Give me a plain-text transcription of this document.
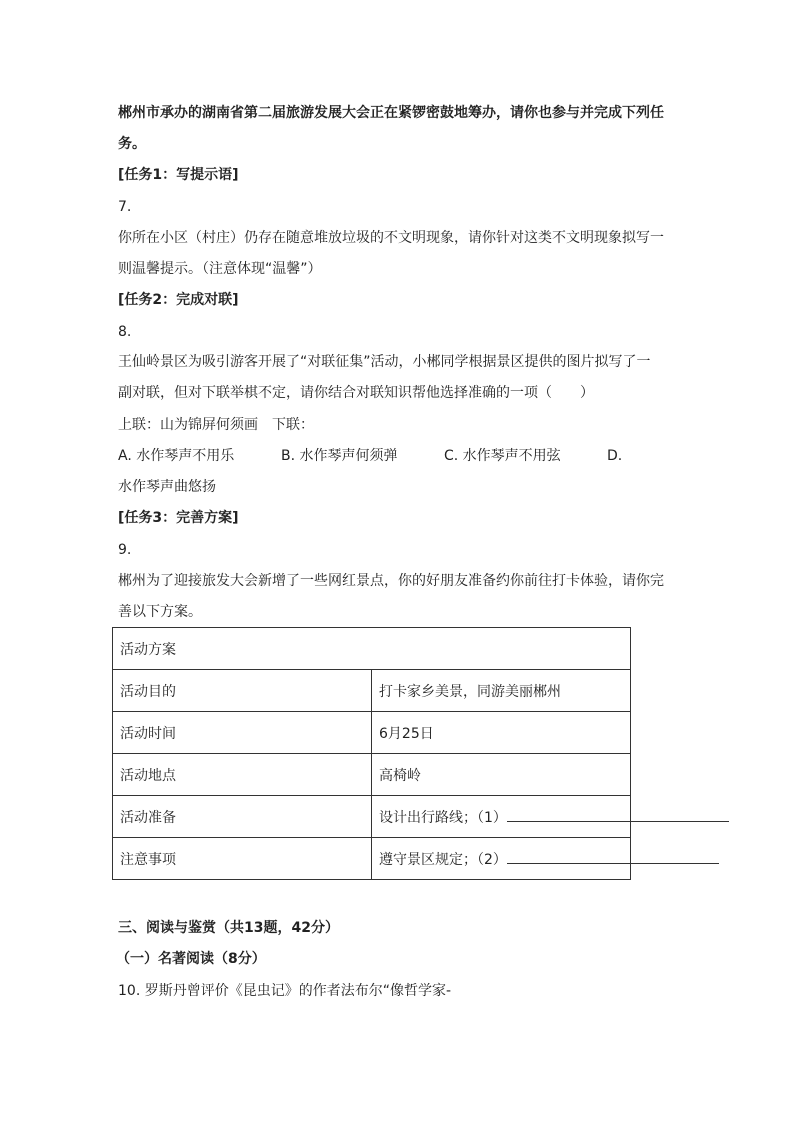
郴州市承办的湖南省第二届旅游发展大会正在紧锣密鼓地筹办，请你也参与并完成下列任
务。
[任务1：写提示语]
7.
你所在小区（村庄）仍存在随意堆放垃圾的不文明现象，请你针对这类不文明现象拟写一
则温馨提示。（注意体现“温馨”）
[任务2：完成对联]
8.
王仙岭景区为吸引游客开展了“对联征集”活动，小郴同学根据景区提供的图片拟写了一
副对联，但对下联举棋不定，请你结合对联知识帮他选择准确的一项（　　）
上联：山为锦屏何须画　下联：
A. 水作琴声不用乐	B. 水作琴声何须弹	C. 水作琴声不用弦	D.
水作琴声曲悠扬
[任务3：完善方案]
9.
郴州为了迎接旅发大会新增了一些网红景点，你的好朋友准备约你前往打卡体验，请你完
善以下方案。
活动方案	
活动目的	打卡家乡美景，同游美丽郴州
活动时间	6月25日
活动地点	高椅岭
活动准备	设计出行路线；（1）
注意事项	遵守景区规定；（2）
三、阅读与鉴赏（共13题，42分）
（一）名著阅读（8分）
10. 罗斯丹曾评价《昆虫记》的作者法布尔“像哲学家-
